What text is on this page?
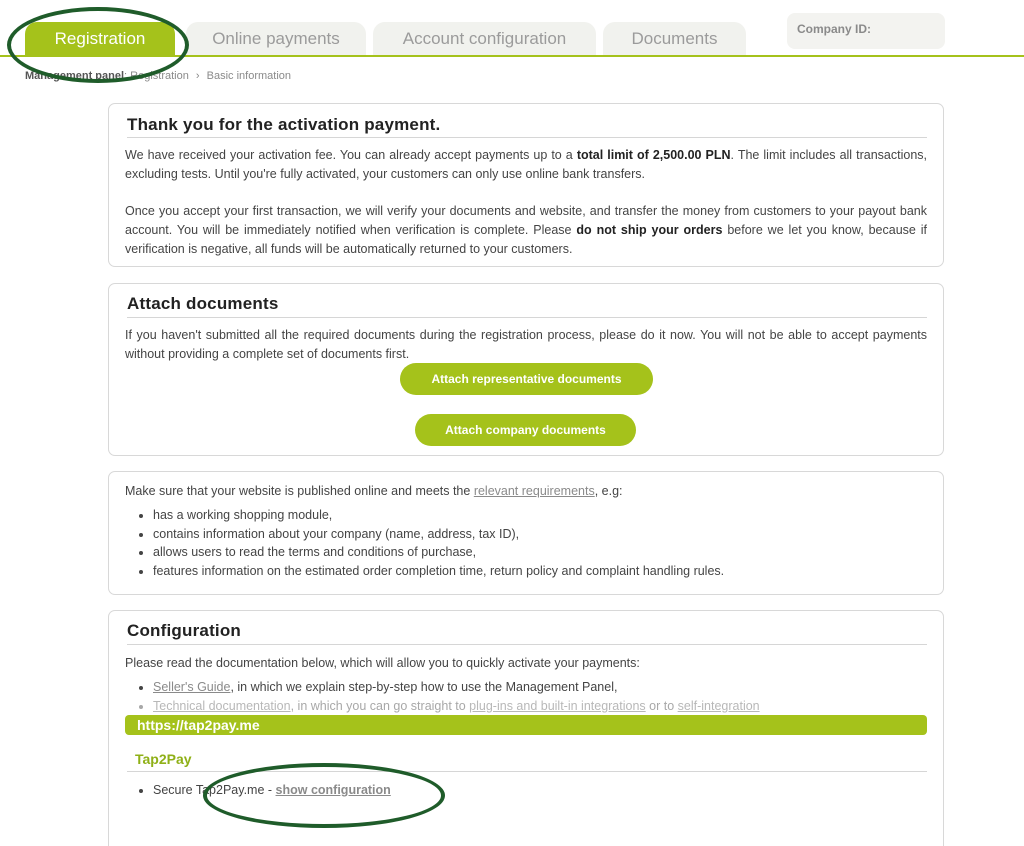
Registration	Online payments	Account configuration	Documents	Company ID:
Management panel: Registration › Basic information
Thank you for the activation payment.
We have received your activation fee. You can already accept payments up to a total limit of 2,500.00 PLN. The limit includes all transactions, excluding tests. Until you're fully activated, your customers can only use online bank transfers.
Once you accept your first transaction, we will verify your documents and website, and transfer the money from customers to your payout bank account. You will be immediately notified when verification is complete. Please do not ship your orders before we let you know, because if verification is negative, all funds will be automatically returned to your customers.
Attach documents
If you haven't submitted all the required documents during the registration process, please do it now. You will not be able to accept payments without providing a complete set of documents first.
Attach representative documents
Attach company documents
Make sure that your website is published online and meets the relevant requirements, e.g:
• has a working shopping module,
• contains information about your company (name, address, tax ID),
• allows users to read the terms and conditions of purchase,
• features information on the estimated order completion time, return policy and complaint handling rules.
Configuration
Please read the documentation below, which will allow you to quickly activate your payments:
• Seller's Guide, in which we explain step-by-step how to use the Management Panel,
• Technical documentation, in which you can go straight to plug-ins and built-in integrations or to self-integration
https://tap2pay.me
Tap2Pay
• Secure Tap2Pay.me - show configuration
